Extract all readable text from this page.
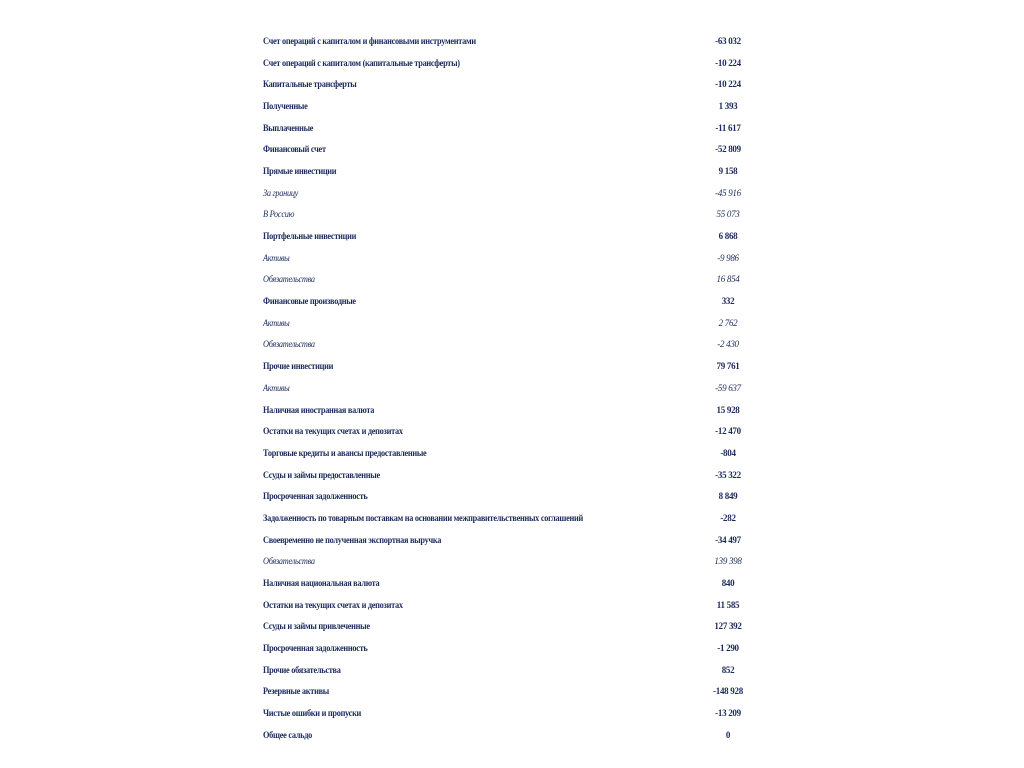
Счет операций с капиталом и финансовыми инструментами	-63 032
Счет операций с капиталом (капитальные трансферты)	-10 224
Капитальные трансферты	-10 224
Полученные	1 393
Выплаченные	-11 617
Финансовый счет	-52 809
Прямые инвестиции	9 158
За границу	-45 916
В Россию	55 073
Портфельные инвестиции	6 868
Активы	-9 986
Обязательства	16 854
Финансовые производные	332
Активы	2 762
Обязательства	-2 430
Прочие инвестиции	79 761
Активы	-59 637
Наличная иностранная валюта	15 928
Остатки на текущих счетах и депозитах	-12 470
Торговые кредиты и авансы предоставленные	-804
Ссуды и займы предоставленные	-35 322
Просроченная задолженность	8 849
Задолженность по товарным поставкам на основании межправительственных соглашений	-282
Своевременно не полученная экспортная выручка	-34 497
Обязательства	139 398
Наличная национальная валюта	840
Остатки на текущих счетах и депозитах	11 585
Ссуды и займы привлеченные	127 392
Просроченная задолженность	-1 290
Прочие обязательства	852
Резервные активы	-148 928
Чистые ошибки и пропуски	-13 209
Общее сальдо	0
